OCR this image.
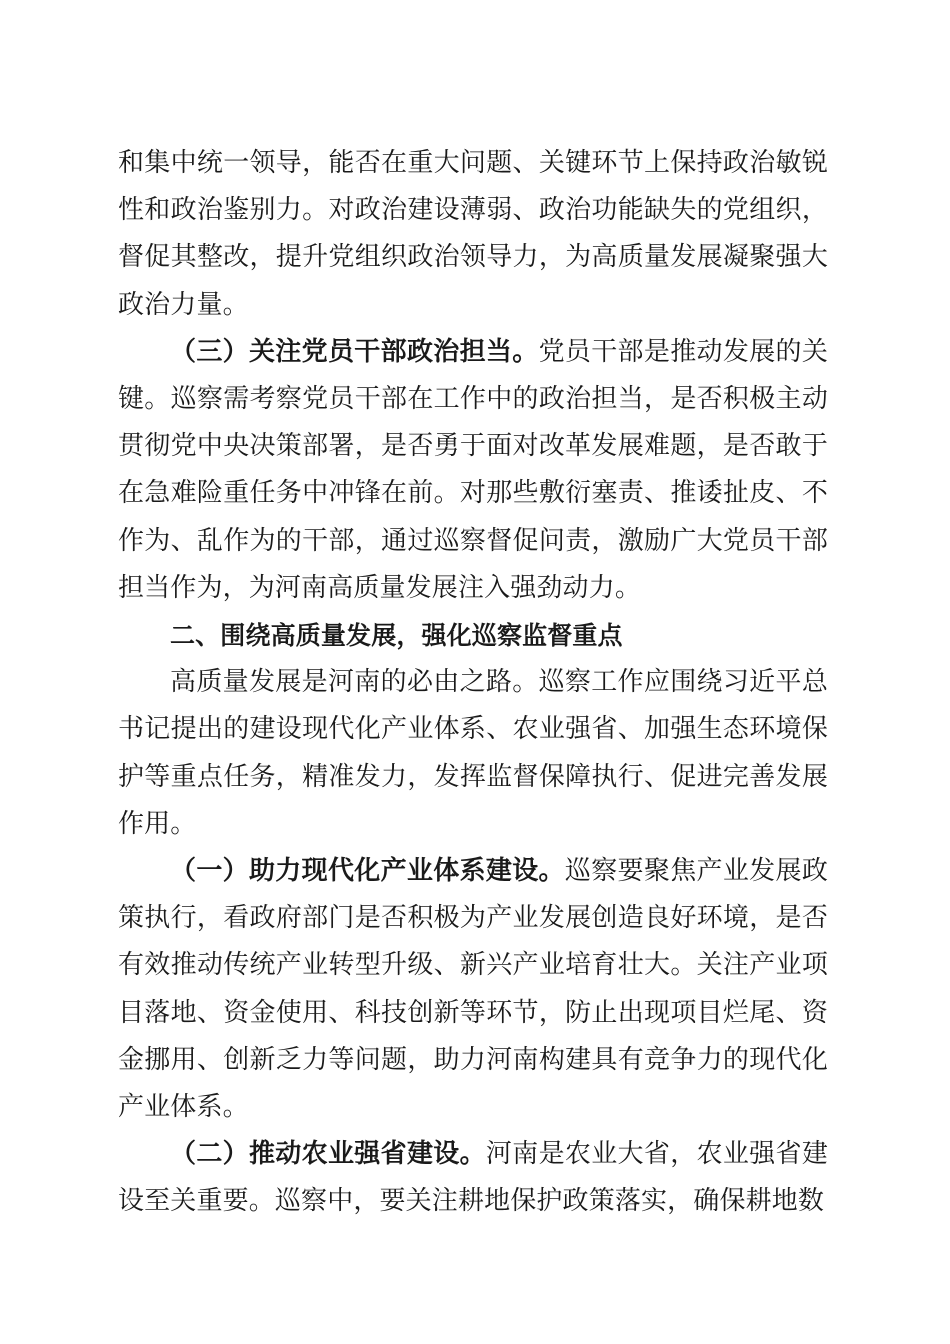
和集中统一领导，能否在重大问题、关键环节上保持政治敏锐性和政治鉴别力。对政治建设薄弱、政治功能缺失的党组织，督促其整改，提升党组织政治领导力，为高质量发展凝聚强大政治力量。

（三）关注党员干部政治担当。党员干部是推动发展的关键。巡察需考察党员干部在工作中的政治担当，是否积极主动贯彻党中央决策部署，是否勇于面对改革发展难题，是否敢于在急难险重任务中冲锋在前。对那些敷衍塞责、推诿扯皮、不作为、乱作为的干部，通过巡察督促问责，激励广大党员干部担当作为，为河南高质量发展注入强劲动力。

二、围绕高质量发展，强化巡察监督重点

高质量发展是河南的必由之路。巡察工作应围绕习近平总书记提出的建设现代化产业体系、农业强省、加强生态环境保护等重点任务，精准发力，发挥监督保障执行、促进完善发展作用。

（一）助力现代化产业体系建设。巡察要聚焦产业发展政策执行，看政府部门是否积极为产业发展创造良好环境，是否有效推动传统产业转型升级、新兴产业培育壮大。关注产业项目落地、资金使用、科技创新等环节，防止出现项目烂尾、资金挪用、创新乏力等问题，助力河南构建具有竞争力的现代化产业体系。

（二）推动农业强省建设。河南是农业大省，农业强省建设至关重要。巡察中，要关注耕地保护政策落实，确保耕地数
